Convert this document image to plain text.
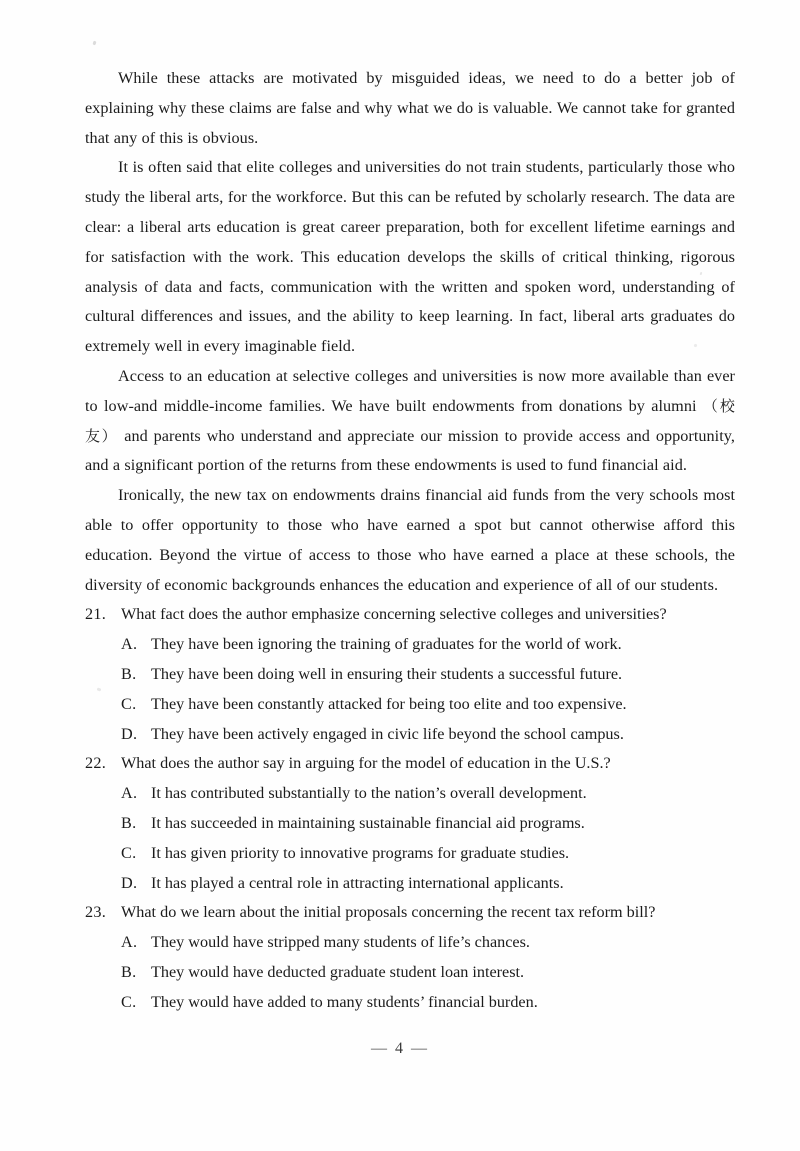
While these attacks are motivated by misguided ideas, we need to do a better job of explaining why these claims are false and why what we do is valuable. We cannot take for granted that any of this is obvious.

It is often said that elite colleges and universities do not train students, particularly those who study the liberal arts, for the workforce. But this can be refuted by scholarly research. The data are clear: a liberal arts education is great career preparation, both for excellent lifetime earnings and for satisfaction with the work. This education develops the skills of critical thinking, rigorous analysis of data and facts, communication with the written and spoken word, understanding of cultural differences and issues, and the ability to keep learning. In fact, liberal arts graduates do extremely well in every imaginable field.

Access to an education at selective colleges and universities is now more available than ever to low-and middle-income families. We have built endowments from donations by alumni （校友） and parents who understand and appreciate our mission to provide access and opportunity, and a significant portion of the returns from these endowments is used to fund financial aid.

Ironically, the new tax on endowments drains financial aid funds from the very schools most able to offer opportunity to those who have earned a spot but cannot otherwise afford this education. Beyond the virtue of access to those who have earned a place at these schools, the diversity of economic backgrounds enhances the education and experience of all of our students.

21. What fact does the author emphasize concerning selective colleges and universities?
A. They have been ignoring the training of graduates for the world of work.
B. They have been doing well in ensuring their students a successful future.
C. They have been constantly attacked for being too elite and too expensive.
D. They have been actively engaged in civic life beyond the school campus.
22. What does the author say in arguing for the model of education in the U.S.?
A. It has contributed substantially to the nation’s overall development.
B. It has succeeded in maintaining sustainable financial aid programs.
C. It has given priority to innovative programs for graduate studies.
D. It has played a central role in attracting international applicants.
23. What do we learn about the initial proposals concerning the recent tax reform bill?
A. They would have stripped many students of life’s chances.
B. They would have deducted graduate student loan interest.
C. They would have added to many students’ financial burden.
— 4 —
